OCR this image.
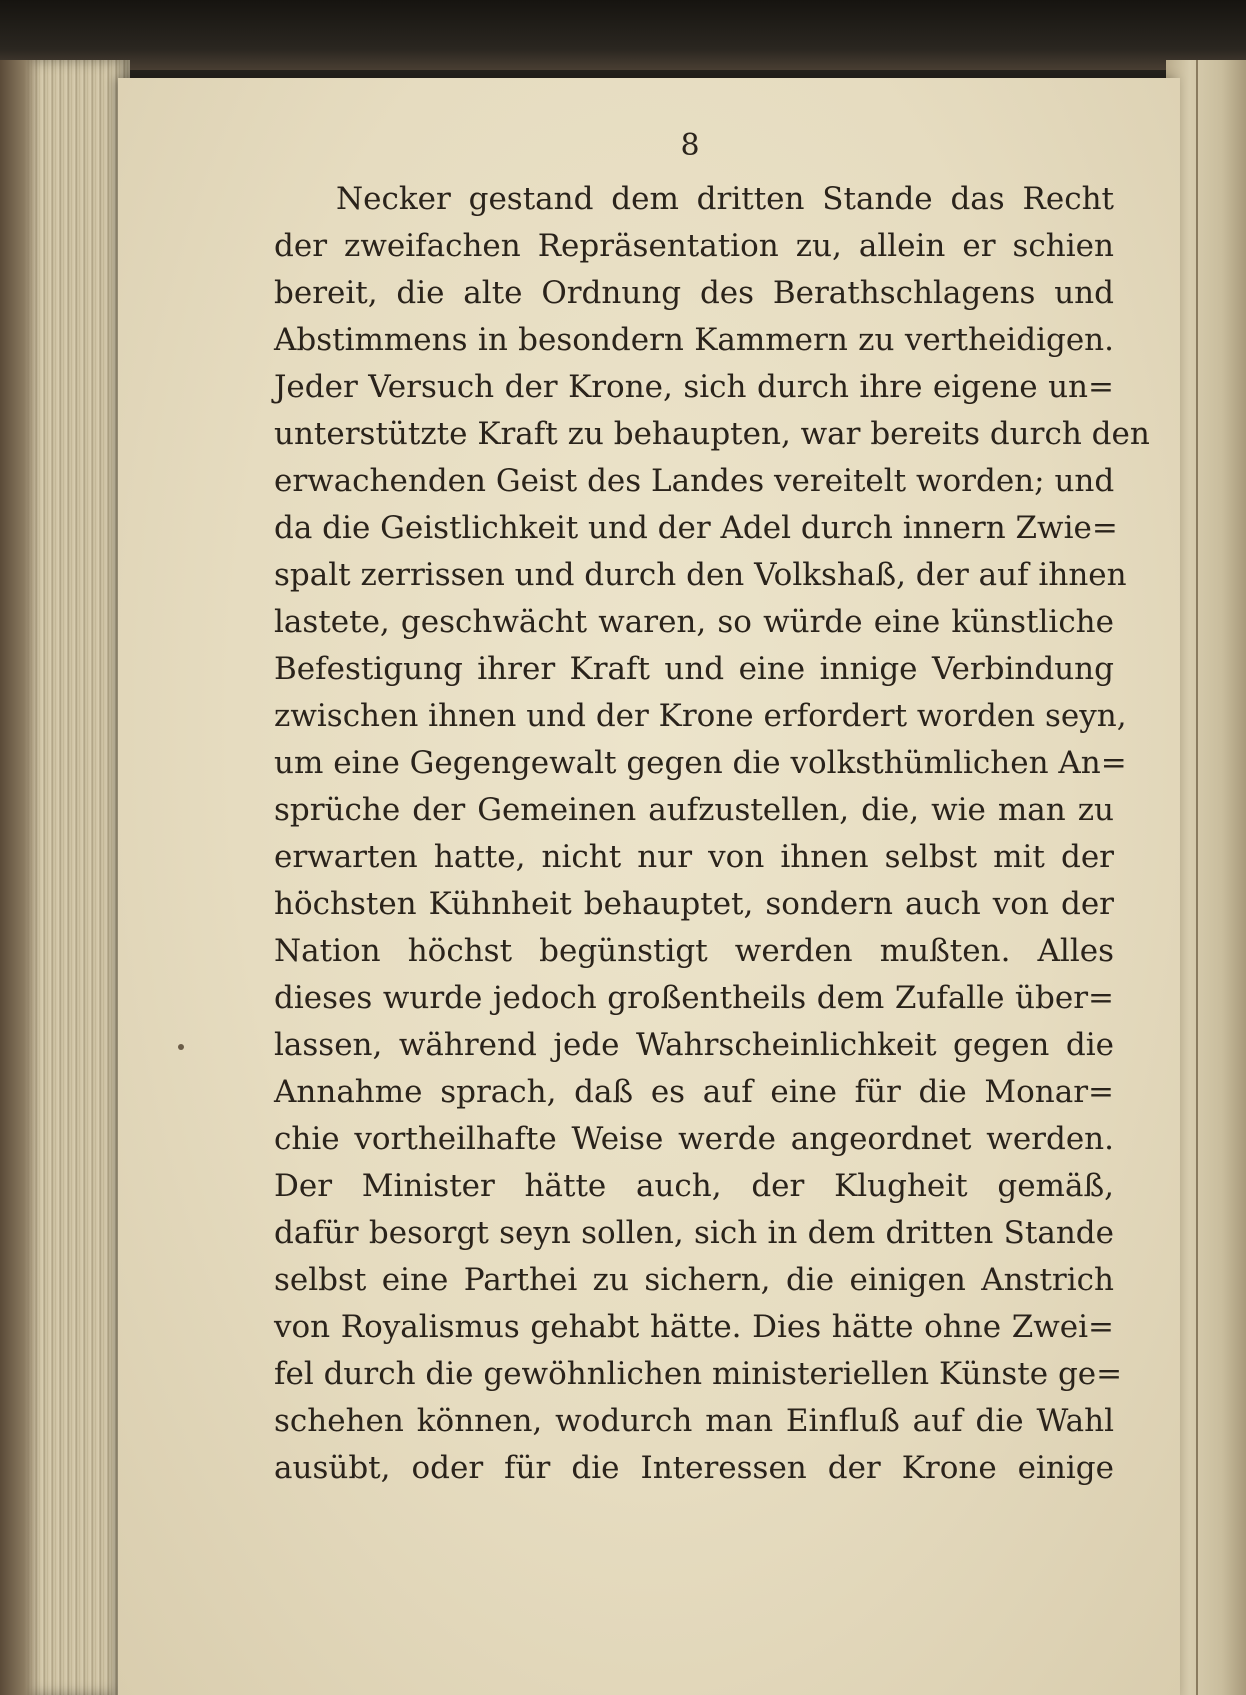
8
Necker gestand dem dritten Stande das Recht
der zweifachen Repräsentation zu, allein er schien
bereit, die alte Ordnung des Berathschlagens und
Abstimmens in besondern Kammern zu vertheidigen.
Jeder Versuch der Krone, sich durch ihre eigene un=
unterstützte Kraft zu behaupten, war bereits durch den
erwachenden Geist des Landes vereitelt worden; und
da die Geistlichkeit und der Adel durch innern Zwie=
spalt zerrissen und durch den Volkshaß, der auf ihnen
lastete, geschwächt waren, so würde eine künstliche
Befestigung ihrer Kraft und eine innige Verbindung
zwischen ihnen und der Krone erfordert worden seyn,
um eine Gegengewalt gegen die volksthümlichen An=
sprüche der Gemeinen aufzustellen, die, wie man zu
erwarten hatte, nicht nur von ihnen selbst mit der
höchsten Kühnheit behauptet, sondern auch von der
Nation höchst begünstigt werden mußten. Alles
dieses wurde jedoch großentheils dem Zufalle über=
lassen, während jede Wahrscheinlichkeit gegen die
Annahme sprach, daß es auf eine für die Monar=
chie vortheilhafte Weise werde angeordnet werden.
Der Minister hätte auch, der Klugheit gemäß,
dafür besorgt seyn sollen, sich in dem dritten Stande
selbst eine Parthei zu sichern, die einigen Anstrich
von Royalismus gehabt hätte. Dies hätte ohne Zwei=
fel durch die gewöhnlichen ministeriellen Künste ge=
schehen können, wodurch man Einfluß auf die Wahl
ausübt, oder für die Interessen der Krone einige
